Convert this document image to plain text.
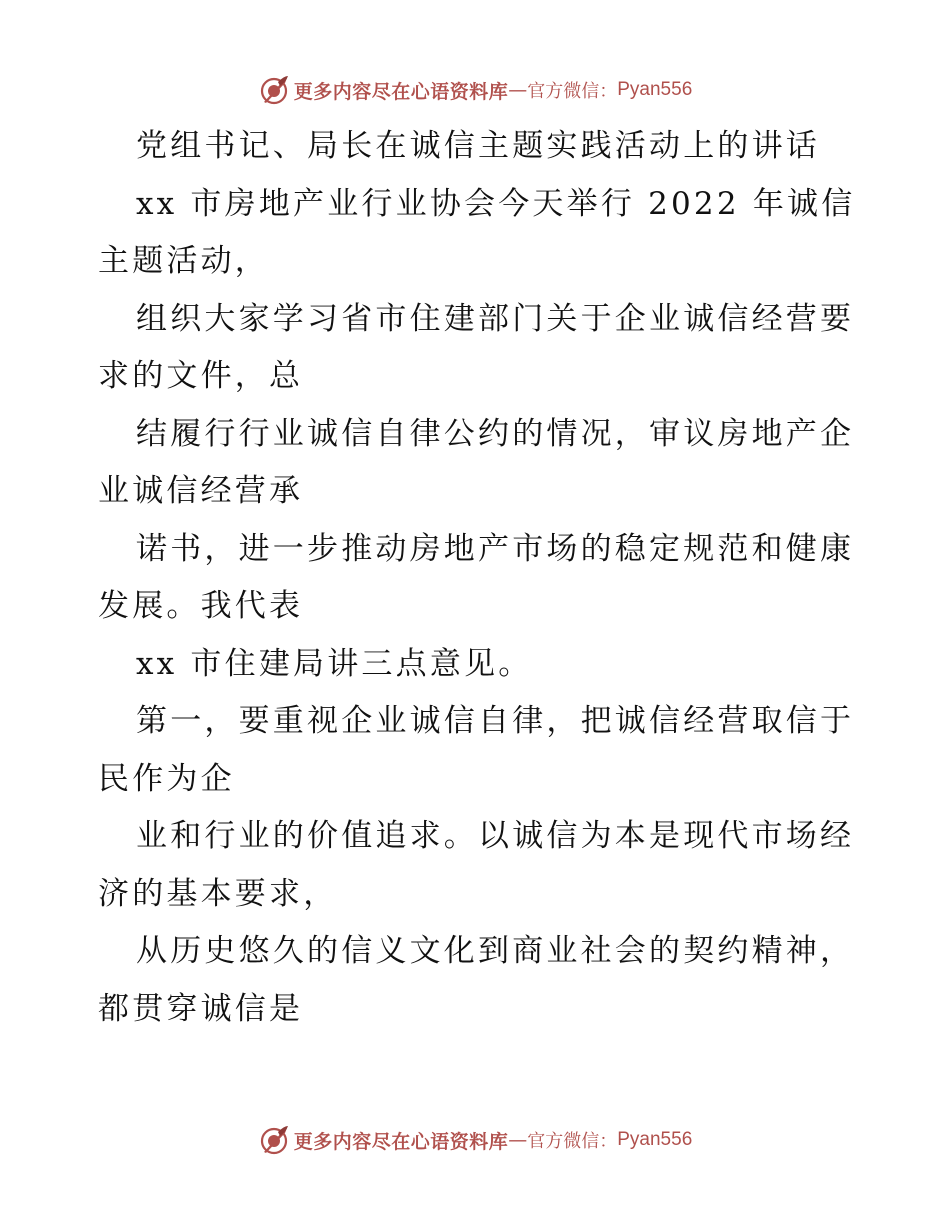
更多内容尽在心语资料库 — 官方微信： Pyan556
党组书记、局长在诚信主题实践活动上的讲话
xx 市房地产业行业协会今天举行 2022 年诚信
主题活动，
组织大家学习省市住建部门关于企业诚信经营要
求的文件，总
结履行行业诚信自律公约的情况，审议房地产企
业诚信经营承
诺书，进一步推动房地产市场的稳定规范和健康
发展。我代表
xx 市住建局讲三点意见。
第一，要重视企业诚信自律，把诚信经营取信于
民作为企
业和行业的价值追求。以诚信为本是现代市场经
济的基本要求，
从历史悠久的信义文化到商业社会的契约精神，
都贯穿诚信是
更多内容尽在心语资料库 — 官方微信： Pyan556
